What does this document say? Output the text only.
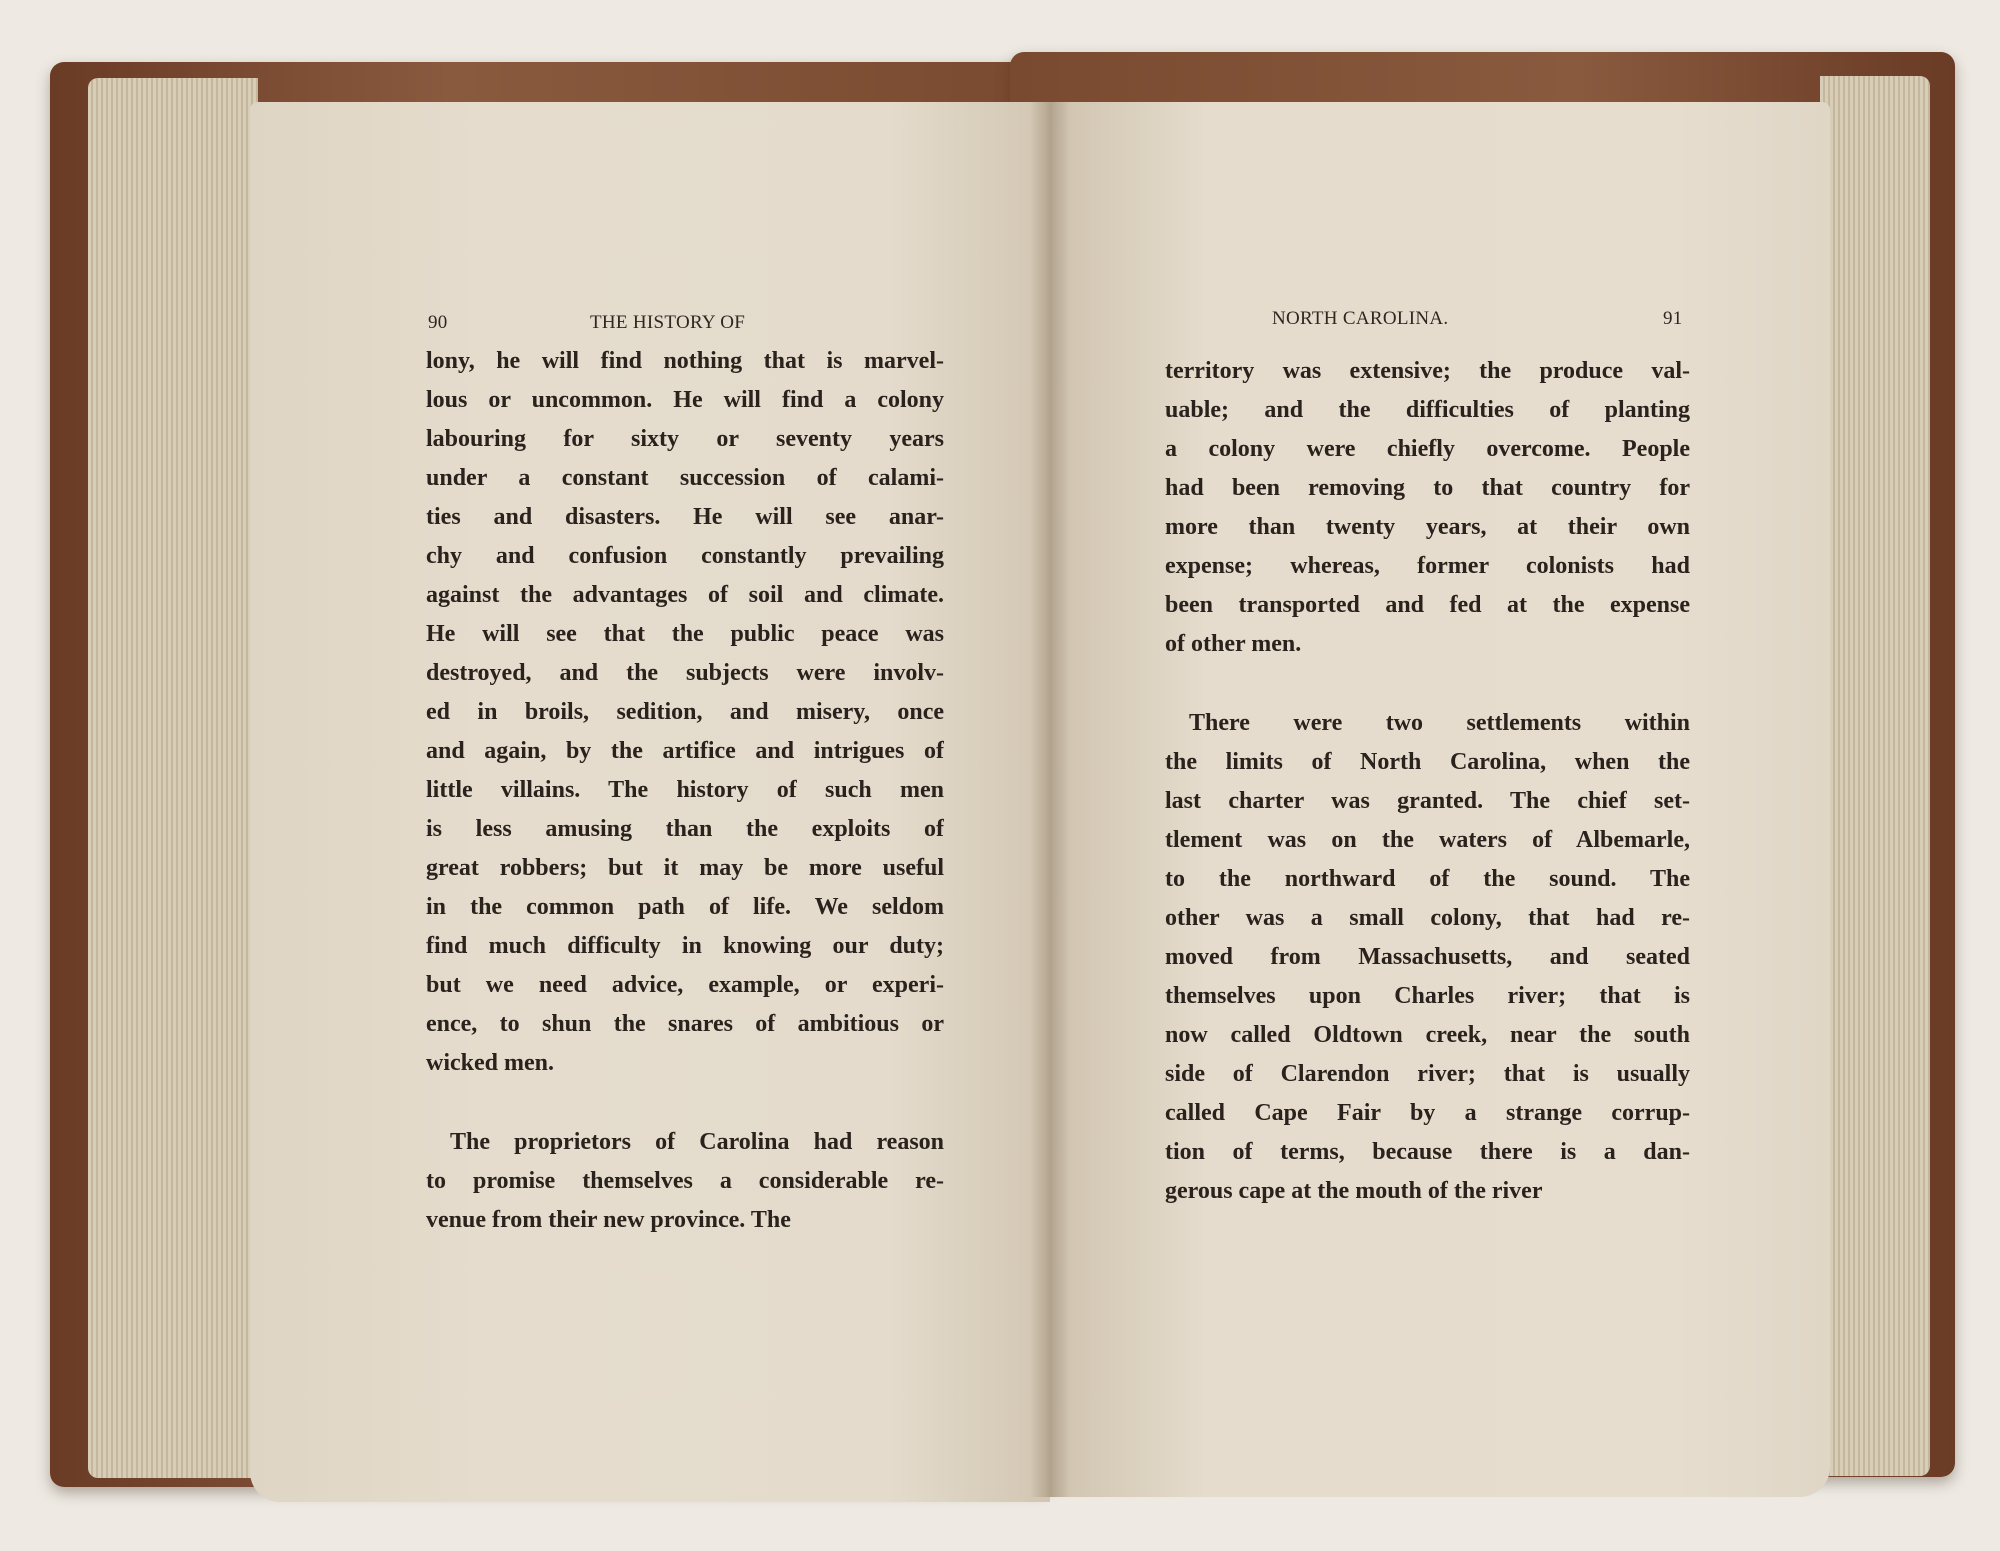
90	THE HISTORY OF
lony, he will find nothing that is marvel-
lous or uncommon. He will find a colony
labouring for sixty or seventy years
under a constant succession of calami-
ties and disasters. He will see anar-
chy and confusion constantly prevailing
against the advantages of soil and climate.
He will see that the public peace was
destroyed, and the subjects were involv-
ed in broils, sedition, and misery, once
and again, by the artifice and intrigues of
little villains. The history of such men
is less amusing than the exploits of
great robbers; but it may be more useful
in the common path of life. We seldom
find much difficulty in knowing our duty;
but we need advice, example, or experi-
ence, to shun the snares of ambitious or
wicked men.
The proprietors of Carolina had reason
to promise themselves a considerable re-
venue from their new province. The
NORTH CAROLINA.	91
territory was extensive; the produce val-
uable; and the difficulties of planting
a colony were chiefly overcome. People
had been removing to that country for
more than twenty years, at their own
expense; whereas, former colonists had
been transported and fed at the expense
of other men.
There were two settlements within
the limits of North Carolina, when the
last charter was granted. The chief set-
tlement was on the waters of Albemarle,
to the northward of the sound. The
other was a small colony, that had re-
moved from Massachusetts, and seated
themselves upon Charles river; that is
now called Oldtown creek, near the south
side of Clarendon river; that is usually
called Cape Fair by a strange corrup-
tion of terms, because there is a dan-
gerous cape at the mouth of the river
